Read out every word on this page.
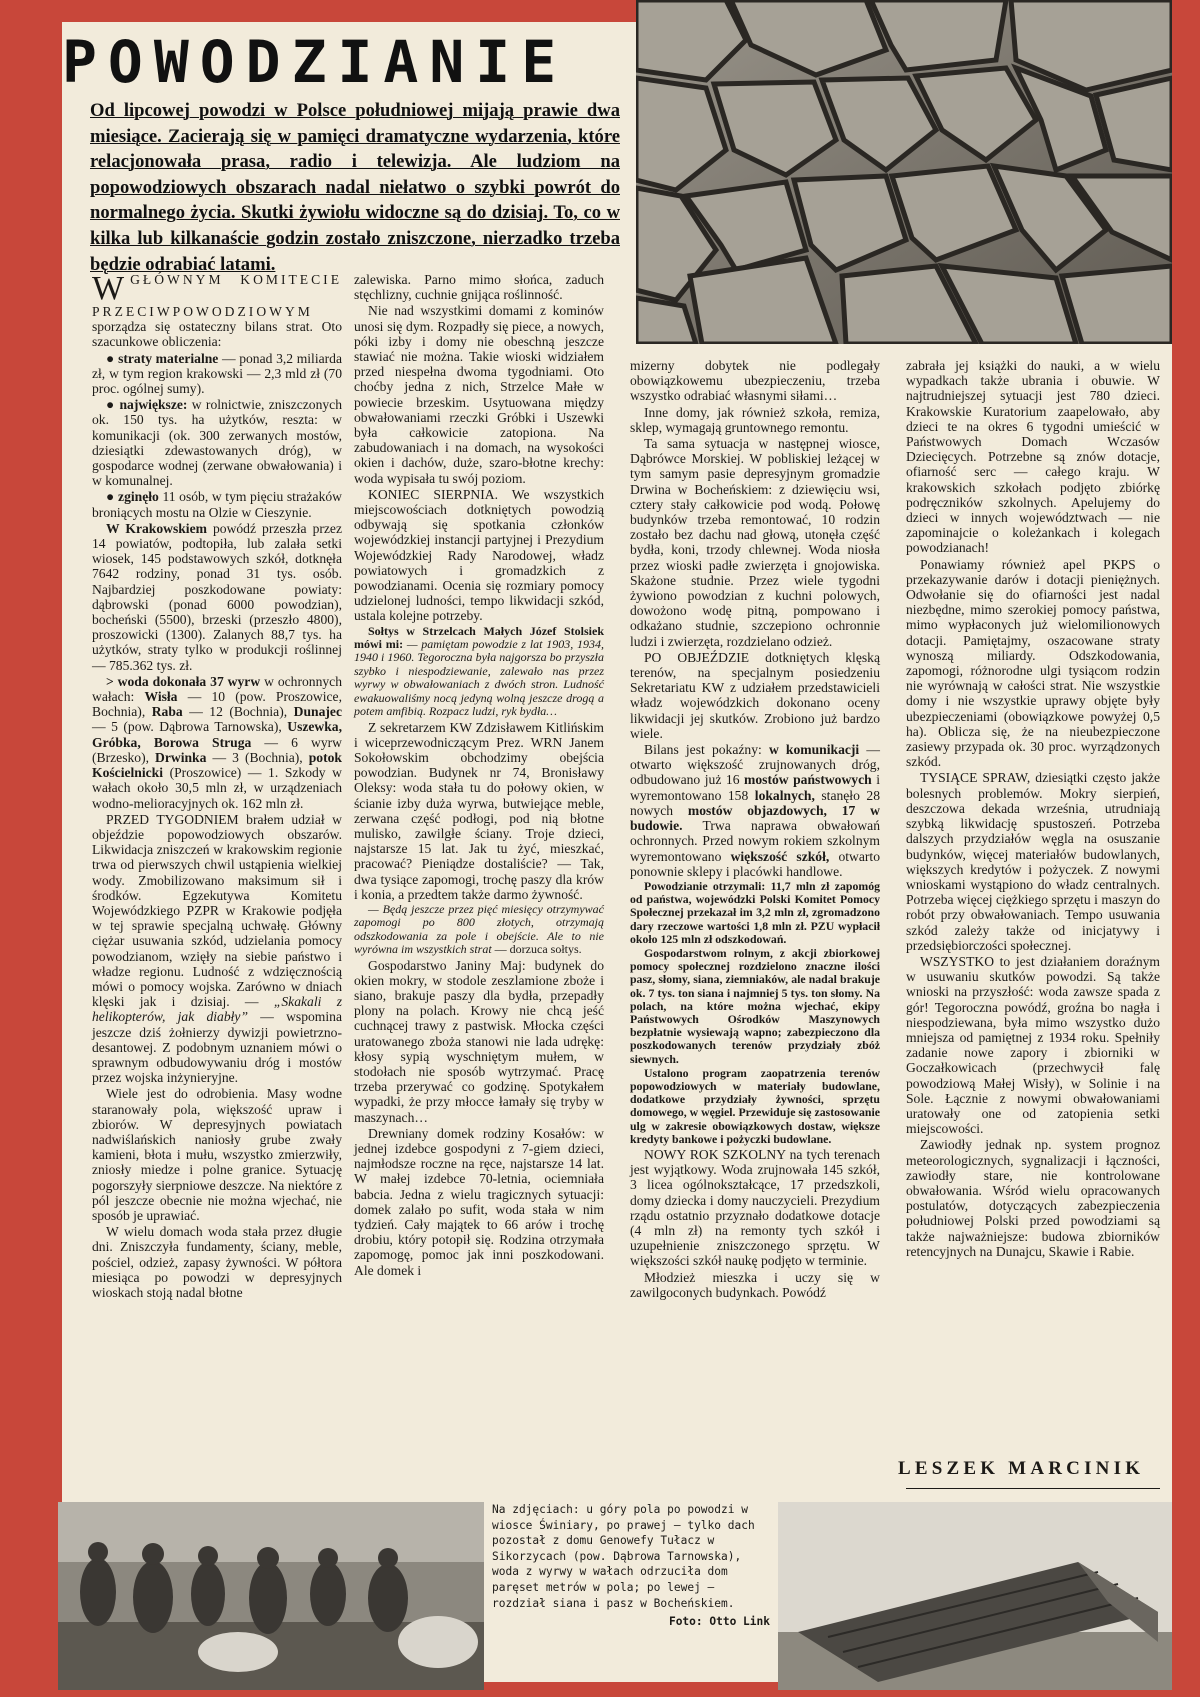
POWODZIANIE
Od lipcowej powodzi w Polsce południowej mijają prawie dwa miesiące. Zacierają się w pamięci dramatyczne wydarzenia, które relacjonowała prasa, radio i telewizja. Ale ludziom na popowodziowych obszarach nadal niełatwo o szybki powrót do normalnego życia. Skutki żywiołu widoczne są do dzisiaj. To, co w kilka lub kilkanaście godzin zostało zniszczone, nierzadko trzeba będzie odrabiać latami.

W GŁÓWNYM KOMITECIE PRZECIWPOWODZIOWYM sporządza się ostateczny bilans strat. Oto szacunkowe obliczenia:

● straty materialne — ponad 3,2 miliarda zł, w tym region krakowski — 2,3 mld zł (70 proc. ogólnej sumy).

● największe: w rolnictwie, zniszczonych ok. 150 tys. ha użytków, reszta: w komunikacji (ok. 300 zerwanych mostów, dziesiątki zdewastowanych dróg), w gospodarce wodnej (zerwane obwałowania) i w komunalnej.

● zginęło 11 osób, w tym pięciu strażaków broniących mostu na Olzie w Cieszynie.

W Krakowskiem powódź przeszła przez 14 powiatów, podtopiła, lub zalała setki wiosek, 145 podstawowych szkół, dotknęła 7642 rodziny, ponad 31 tys. osób. Najbardziej poszkodowane powiaty: dąbrowski (ponad 6000 powodzian), bocheński (5500), brzeski (przeszło 4800), proszowicki (1300). Zalanych 88,7 tys. ha użytków, straty tylko w produkcji roślinnej — 785.362 tys. zł.

> woda dokonała 37 wyrw w ochronnych wałach: Wisła — 10 (pow. Proszowice, Bochnia), Raba — 12 (Bochnia), Dunajec — 5 (pow. Dąbrowa Tarnowska), Uszewka, Gróbka, Borowa Struga — 6 wyrw (Brzesko), Drwinka — 3 (Bochnia), potok Kościelnicki (Proszowice) — 1. Szkody w wałach około 30,5 mln zł, w urządzeniach wodno-melioracyjnych ok. 162 mln zł.

PRZED TYGODNIEM brałem udział w objeździe popowodziowych obszarów. Likwidacja zniszczeń w krakowskim regionie trwa od pierwszych chwil ustąpienia wielkiej wody. Zmobilizowano maksimum sił i środków. Egzekutywa Komitetu Wojewódzkiego PZPR w Krakowie podjęła w tej sprawie specjalną uchwałę. Główny ciężar usuwania szkód, udzielania pomocy powodzianom, wzięły na siebie państwo i władze regionu. Ludność z wdzięcznością mówi o pomocy wojska. Zarówno w dniach klęski jak i dzisiaj. — „Skakali z helikopterów, jak diabły” — wspomina jeszcze dziś żołnierzy dywizji powietrzno-desantowej. Z podobnym uznaniem mówi o sprawnym odbudowywaniu dróg i mostów przez wojska inżynieryjne.

Wiele jest do odrobienia. Masy wodne staranowały pola, większość upraw i zbiorów. W depresyjnych powiatach nadwiślańskich naniosły grube zwały kamieni, błota i mułu, wszystko zmierzwiły, zniosły miedze i polne granice. Sytuację pogorszyły sierpniowe deszcze. Na niektóre z pól jeszcze obecnie nie można wjechać, nie sposób je uprawiać.

W wielu domach woda stała przez długie dni. Zniszczyła fundamenty, ściany, meble, pościel, odzież, zapasy żywności. W półtora miesiąca po powodzi w depresyjnych wioskach stoją nadal błotne

zalewiska. Parno mimo słońca, zaduch stęchlizny, cuchnie gnijąca roślinność.

Nie nad wszystkimi domami z kominów unosi się dym. Rozpadły się piece, a nowych, póki izby i domy nie obeschną jeszcze stawiać nie można. Takie wioski widziałem przed niespełna dwoma tygodniami. Oto choćby jedna z nich, Strzelce Małe w powiecie brzeskim. Usytuowana między obwałowaniami rzeczki Gróbki i Uszewki była całkowicie zatopiona. Na zabudowaniach i na domach, na wysokości okien i dachów, duże, szaro-błotne krechy: woda wypisała tu swój poziom.

KONIEC SIERPNIA. We wszystkich miejscowościach dotkniętych powodzią odbywają się spotkania członków wojewódzkiej instancji partyjnej i Prezydium Wojewódzkiej Rady Narodowej, władz powiatowych i gromadzkich z powodzianami. Ocenia się rozmiary pomocy udzielonej ludności, tempo likwidacji szkód, ustala kolejne potrzeby.

Sołtys w Strzelcach Małych Józef Stolsiek mówi mi: — pamiętam powodzie z lat 1903, 1934, 1940 i 1960. Tegoroczna była najgorsza bo przyszła szybko i niespodziewanie, zalewało nas przez wyrwy w obwałowaniach z dwóch stron. Ludność ewakuowaliśmy nocą jedyną wolną jeszcze drogą a potem amfibią. Rozpacz ludzi, ryk bydła…

Z sekretarzem KW Zdzisławem Kitlińskim i wiceprzewodniczącym Prez. WRN Janem Sokołowskim obchodzimy obejścia powodzian. Budynek nr 74, Bronisławy Oleksy: woda stała tu do połowy okien, w ścianie izby duża wyrwa, butwiejące meble, zerwana część podłogi, pod nią błotne mulisko, zawilgłe ściany. Troje dzieci, najstarsze 15 lat. Jak tu żyć, mieszkać, pracować? Pieniądze dostaliście? — Tak, dwa tysiące zapomogi, trochę paszy dla krów i konia, a przedtem także darmo żywność.

— Będą jeszcze przez pięć miesięcy otrzymywać zapomogi po 800 złotych, otrzymają odszkodowania za pole i obejście. Ale to nie wyrówna im wszystkich strat — dorzuca sołtys.

Gospodarstwo Janiny Maj: budynek do okien mokry, w stodole zeszlamione zboże i siano, brakuje paszy dla bydła, przepadły plony na polach. Krowy nie chcą jeść cuchnącej trawy z pastwisk. Młocka części uratowanego zboża stanowi nie lada udrękę: kłosy sypią wyschniętym mułem, w stodołach nie sposób wytrzymać. Pracę trzeba przerywać co godzinę. Spotykałem wypadki, że przy młocce łamały się tryby w maszynach…

Drewniany domek rodziny Kosałów: w jednej izdebce gospodyni z 7-giem dzieci, najmłodsze roczne na ręce, najstarsze 14 lat. W małej izdebce 70-letnia, ociemniała babcia. Jedna z wielu tragicznych sytuacji: domek zalało po sufit, woda stała w nim tydzień. Cały majątek to 66 arów i trochę drobiu, który potopił się. Rodzina otrzymała zapomogę, pomoc jak inni poszkodowani. Ale domek i

mizerny dobytek nie podlegały obowiązkowemu ubezpieczeniu, trzeba wszystko odrabiać własnymi siłami…

Inne domy, jak również szkoła, remiza, sklep, wymagają gruntownego remontu.

Ta sama sytuacja w następnej wiosce, Dąbrówce Morskiej. W pobliskiej leżącej w tym samym pasie depresyjnym gromadzie Drwina w Bocheńskiem: z dziewięciu wsi, cztery stały całkowicie pod wodą. Połowę budynków trzeba remontować, 10 rodzin zostało bez dachu nad głową, utonęła część bydła, koni, trzody chlewnej. Woda niosła przez wioski padłe zwierzęta i gnojowiska. Skażone studnie. Przez wiele tygodni żywiono powodzian z kuchni polowych, dowożono wodę pitną, pompowano i odkażano studnie, szczepiono ochronnie ludzi i zwierzęta, rozdzielano odzież.

PO OBJEŹDZIE dotkniętych klęską terenów, na specjalnym posiedzeniu Sekretariatu KW z udziałem przedstawicieli władz wojewódzkich dokonano oceny likwidacji jej skutków. Zrobiono już bardzo wiele.

Bilans jest pokaźny: w komunikacji — otwarto większość zrujnowanych dróg, odbudowano już 16 mostów państwowych i wyremontowano 158 lokalnych, stanęło 28 nowych mostów objazdowych, 17 w budowie. Trwa naprawa obwałowań ochronnych. Przed nowym rokiem szkolnym wyremontowano większość szkół, otwarto ponownie sklepy i placówki handlowe.

Powodzianie otrzymali: 11,7 mln zł zapomóg od państwa, wojewódzki Polski Komitet Pomocy Społecznej przekazał im 3,2 mln zł, zgromadzono dary rzeczowe wartości 1,8 mln zł. PZU wypłacił około 125 mln zł odszkodowań.

Gospodarstwom rolnym, z akcji zbiorkowej pomocy społecznej rozdzielono znaczne ilości pasz, słomy, siana, ziemniaków, ale nadal brakuje ok. 7 tys. ton siana i najmniej 5 tys. ton słomy. Na polach, na które można wjechać, ekipy Państwowych Ośrodków Maszynowych bezpłatnie wysiewają wapno; zabezpieczono dla poszkodowanych terenów przydziały zbóż siewnych.

Ustalono program zaopatrzenia terenów popowodziowych w materiały budowlane, dodatkowe przydziały żywności, sprzętu domowego, w węgiel. Przewiduje się zastosowanie ulg w zakresie obowiązkowych dostaw, większe kredyty bankowe i pożyczki budowlane.

NOWY ROK SZKOLNY na tych terenach jest wyjątkowy. Woda zrujnowała 145 szkół, 3 licea ogólnokształcące, 17 przedszkoli, domy dziecka i domy nauczycieli. Prezydium rządu ostatnio przyznało dodatkowe dotacje (4 mln zł) na remonty tych szkół i uzupełnienie zniszczonego sprzętu. W większości szkół naukę podjęto w terminie.

Młodzież mieszka i uczy się w zawilgoconych budynkach. Powódź

zabrała jej książki do nauki, a w wielu wypadkach także ubrania i obuwie. W najtrudniejszej sytuacji jest 780 dzieci. Krakowskie Kuratorium zaapelowało, aby dzieci te na okres 6 tygodni umieścić w Państwowych Domach Wczasów Dziecięcych. Potrzebne są znów dotacje, ofiarność serc — całego kraju. W krakowskich szkołach podjęto zbiórkę podręczników szkolnych. Apelujemy do dzieci w innych województwach — nie zapominajcie o koleżankach i kolegach powodzianach!

Ponawiamy również apel PKPS o przekazywanie darów i dotacji pieniężnych. Odwołanie się do ofiarności jest nadal niezbędne, mimo szerokiej pomocy państwa, mimo wypłaconych już wielomilionowych dotacji. Pamiętajmy, oszacowane straty wynoszą miliardy. Odszkodowania, zapomogi, różnorodne ulgi tysiącom rodzin nie wyrównają w całości strat. Nie wszystkie domy i nie wszystkie uprawy objęte były ubezpieczeniami (obowiązkowe powyżej 0,5 ha). Oblicza się, że na nieubezpieczone zasiewy przypada ok. 30 proc. wyrządzonych szkód.

TYSIĄCE SPRAW, dziesiątki często jakże bolesnych problemów. Mokry sierpień, deszczowa dekada września, utrudniają szybką likwidację spustoszeń. Potrzeba dalszych przydziałów węgla na osuszanie budynków, więcej materiałów budowlanych, większych kredytów i pożyczek. Z nowymi wnioskami wystąpiono do władz centralnych. Potrzeba więcej ciężkiego sprzętu i maszyn do robót przy obwałowaniach. Tempo usuwania szkód zależy także od inicjatywy i przedsiębiorczości społecznej.

WSZYSTKO to jest działaniem doraźnym w usuwaniu skutków powodzi. Są także wnioski na przyszłość: woda zawsze spada z gór! Tegoroczna powódź, groźna bo nagła i niespodziewana, była mimo wszystko dużo mniejsza od pamiętnej z 1934 roku. Spełniły zadanie nowe zapory i zbiorniki w Goczałkowicach (przechwycił falę powodziową Małej Wisły), w Solinie i na Sole. Łącznie z nowymi obwałowaniami uratowały one od zatopienia setki miejscowości.

Zawiodły jednak np. system prognoz meteorologicznych, sygnalizacji i łączności, zawiodły stare, nie kontrolowane obwałowania. Wśród wielu opracowanych postulatów, dotyczących zabezpieczenia południowej Polski przed powodziami są także najważniejsze: budowa zbiorników retencyjnych na Dunajcu, Skawie i Rabie.

LESZEK MARCINIK
Na zdjęciach: u góry pola po powodzi w wiosce Świniary, po prawej — tylko dach pozostał z domu Genowefy Tułacz w Sikorzycach (pow. Dąbrowa Tarnowska), woda z wyrwy w wałach odrzuciła dom paręset metrów w pola; po lewej — rozdział siana i pasz w Bocheńskiem.
Foto: Otto Link
